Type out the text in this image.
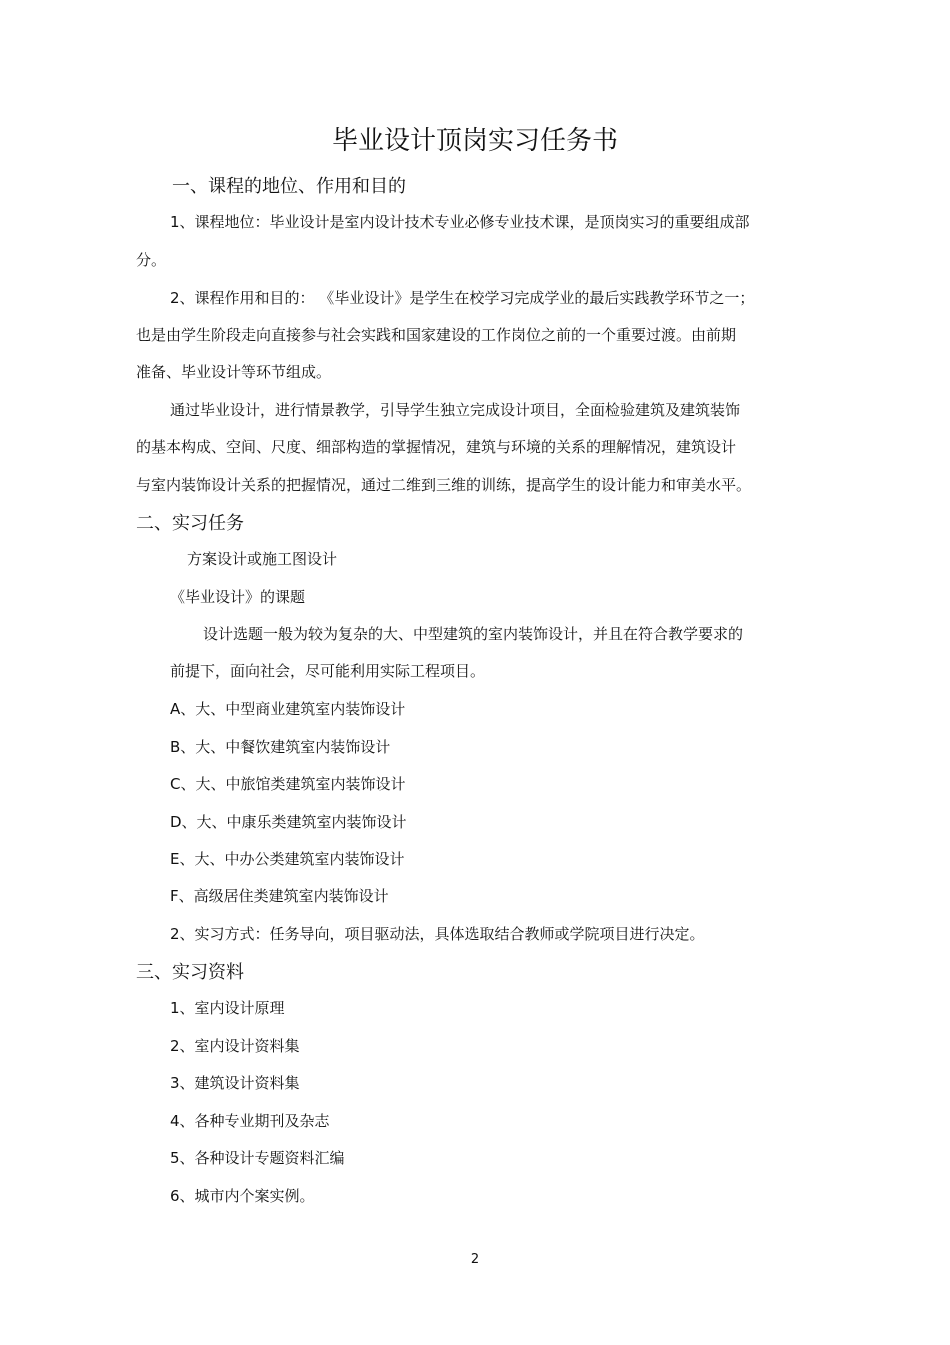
毕业设计顶岗实习任务书
一、课程的地位、作用和目的
1、课程地位：毕业设计是室内设计技术专业必修专业技术课，是顶岗实习的重要组成部
分。
2、课程作用和目的： 《毕业设计》是学生在校学习完成学业的最后实践教学环节之一；
也是由学生阶段走向直接参与社会实践和国家建设的工作岗位之前的一个重要过渡。由前期
准备、毕业设计等环节组成。
通过毕业设计，进行情景教学，引导学生独立完成设计项目，全面检验建筑及建筑装饰
的基本构成、空间、尺度、细部构造的掌握情况，建筑与环境的关系的理解情况，建筑设计
与室内装饰设计关系的把握情况，通过二维到三维的训练，提高学生的设计能力和审美水平。
二、实习任务
方案设计或施工图设计
《毕业设计》的课题
设计选题一般为较为复杂的大、中型建筑的室内装饰设计，并且在符合教学要求的
前提下，面向社会，尽可能利用实际工程项目。
A、大、中型商业建筑室内装饰设计
B、大、中餐饮建筑室内装饰设计
C、大、中旅馆类建筑室内装饰设计
D、大、中康乐类建筑室内装饰设计
E、大、中办公类建筑室内装饰设计
F、高级居住类建筑室内装饰设计
2、实习方式：任务导向，项目驱动法，具体选取结合教师或学院项目进行决定。
三、实习资料
1、室内设计原理
2、室内设计资料集
3、建筑设计资料集
4、各种专业期刊及杂志
5、各种设计专题资料汇编
6、城市内个案实例。
2
